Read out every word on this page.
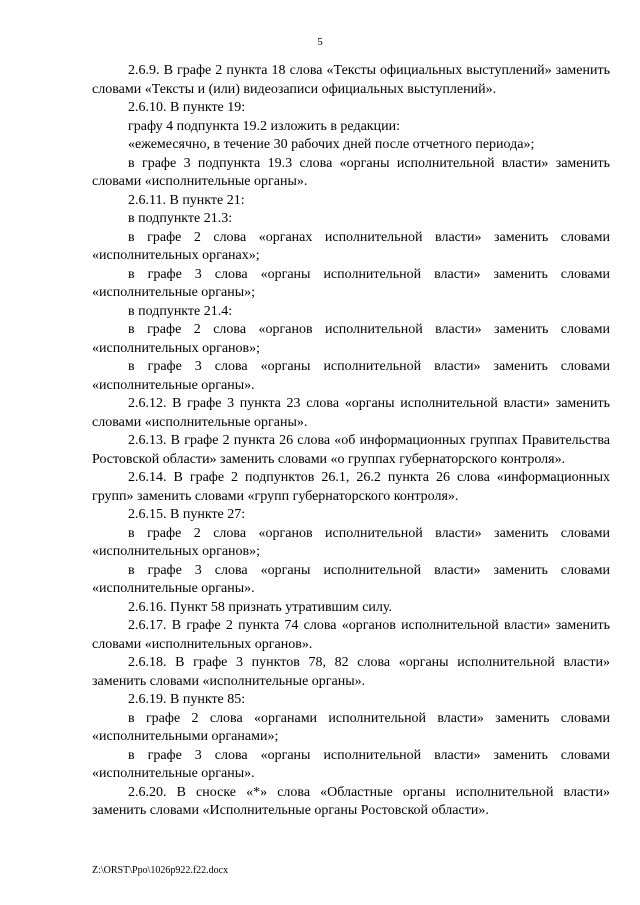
5

2.6.9. В графе 2 пункта 18 слова «Тексты официальных выступлений» заменить словами «Тексты и (или) видеозаписи официальных выступлений».

2.6.10. В пункте 19:

графу 4 подпункта 19.2 изложить в редакции:

«ежемесячно, в течение 30 рабочих дней после отчетного периода»;

в графе 3 подпункта 19.3 слова «органы исполнительной власти» заменить словами «исполнительные органы».

2.6.11. В пункте 21:

в подпункте 21.3:

в графе 2 слова «органах исполнительной власти» заменить словами «исполнительных органах»;

в графе 3 слова «органы исполнительной власти» заменить словами «исполнительные органы»;

в подпункте 21.4:

в графе 2 слова «органов исполнительной власти» заменить словами «исполнительных органов»;

в графе 3 слова «органы исполнительной власти» заменить словами «исполнительные органы».

2.6.12. В графе 3 пункта 23 слова «органы исполнительной власти» заменить словами «исполнительные органы».

2.6.13. В графе 2 пункта 26 слова «об информационных группах Правительства Ростовской области» заменить словами «о группах губернаторского контроля».

2.6.14. В графе 2 подпунктов 26.1, 26.2 пункта 26 слова «информационных групп» заменить словами «групп губернаторского контроля».

2.6.15. В пункте 27:

в графе 2 слова «органов исполнительной власти» заменить словами «исполнительных органов»;

в графе 3 слова «органы исполнительной власти» заменить словами «исполнительные органы».

2.6.16. Пункт 58 признать утратившим силу.

2.6.17. В графе 2 пункта 74 слова «органов исполнительной власти» заменить словами «исполнительных органов».

2.6.18. В графе 3 пунктов 78, 82 слова «органы исполнительной власти» заменить словами «исполнительные органы».

2.6.19. В пункте 85:

в графе 2 слова «органами исполнительной власти» заменить словами «исполнительными органами»;

в графе 3 слова «органы исполнительной власти» заменить словами «исполнительные органы».

2.6.20. В сноске «*» слова «Областные органы исполнительной власти» заменить словами «Исполнительные органы Ростовской области».

Z:\ORST\Ppo\1026p922.f22.docx
